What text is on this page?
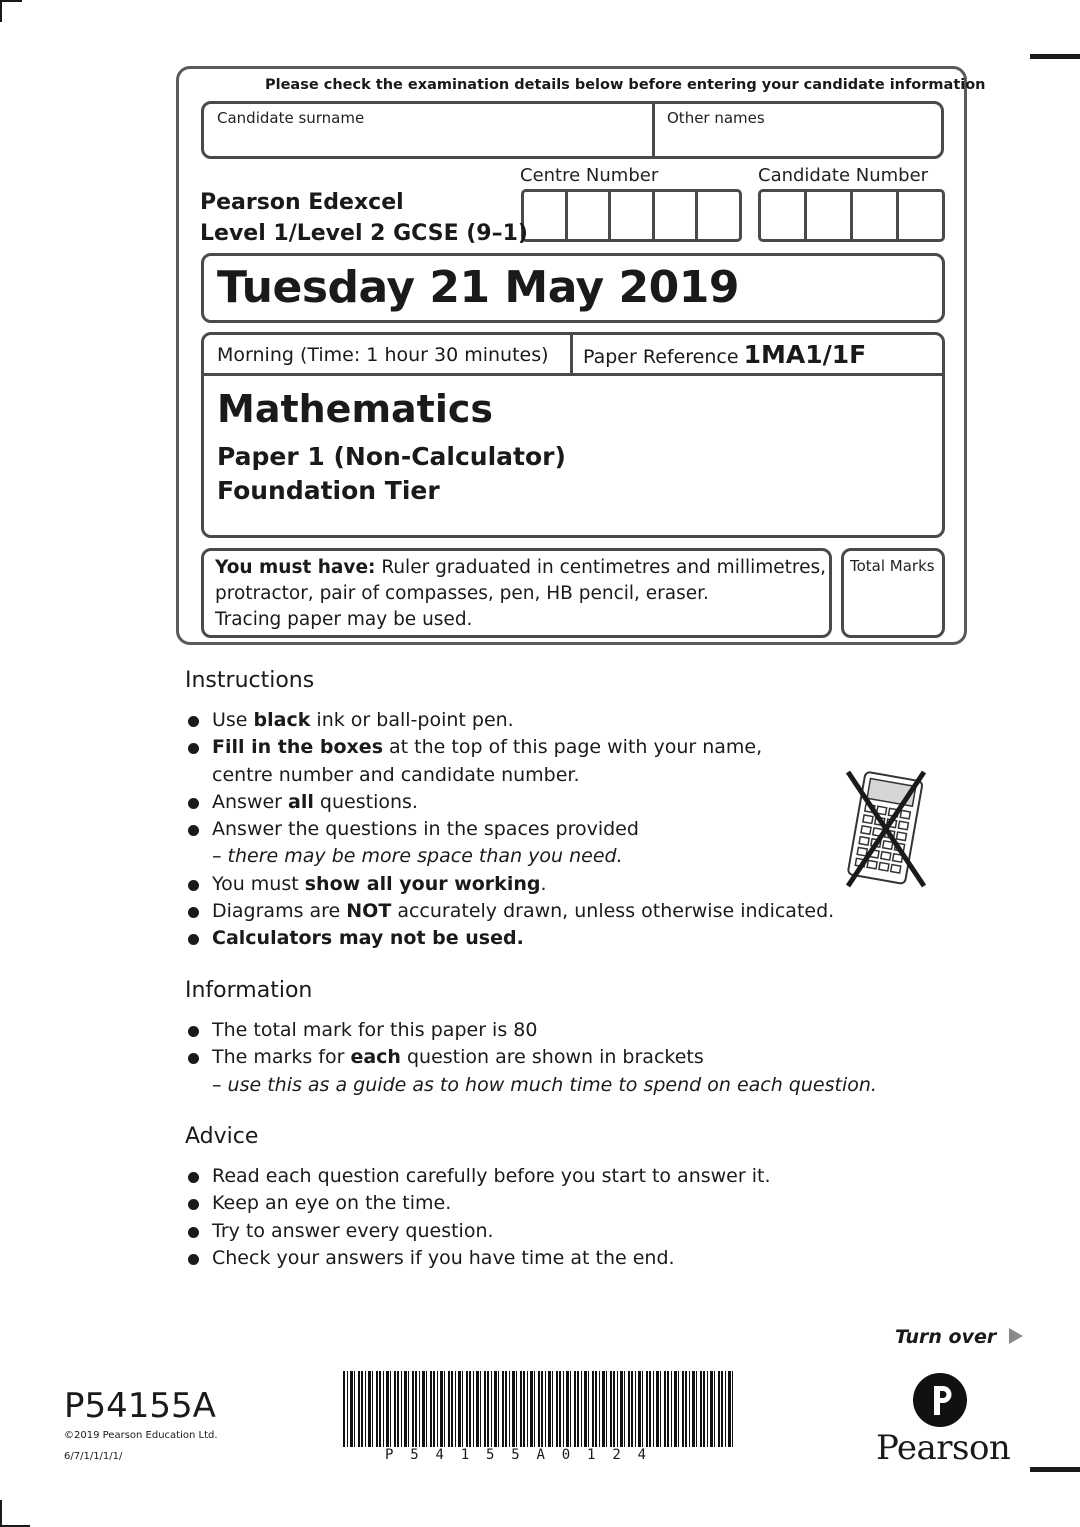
Please check the examination details below before entering your candidate information
Candidate surname	Other names
Centre Number	Candidate Number
Pearson Edexcel
Level 1/Level 2 GCSE (9–1)
Tuesday 21 May 2019
Morning (Time: 1 hour 30 minutes) Paper Reference 1MA1/1F
Mathematics
Paper 1 (Non-Calculator)
Foundation Tier
You must have: Ruler graduated in centimetres and millimetres,
protractor, pair of compasses, pen, HB pencil, eraser.
Tracing paper may be used.
Total Marks
Instructions
Use black ink or ball-point pen.
Fill in the boxes at the top of this page with your name,
centre number and candidate number.
Answer all questions.
Answer the questions in the spaces provided
– there may be more space than you need.
You must show all your working.
Diagrams are NOT accurately drawn, unless otherwise indicated.
Calculators may not be used.
Information
The total mark for this paper is 80
The marks for each question are shown in brackets
– use this as a guide as to how much time to spend on each question.
Advice
Read each question carefully before you start to answer it.
Keep an eye on the time.
Try to answer every question.
Check your answers if you have time at the end.
Turn over
P54155A
©2019 Pearson Education Ltd.
6/7/1/1/1/1/	P 5 4 1 5 5 A 0 1 2 4	Pearson
